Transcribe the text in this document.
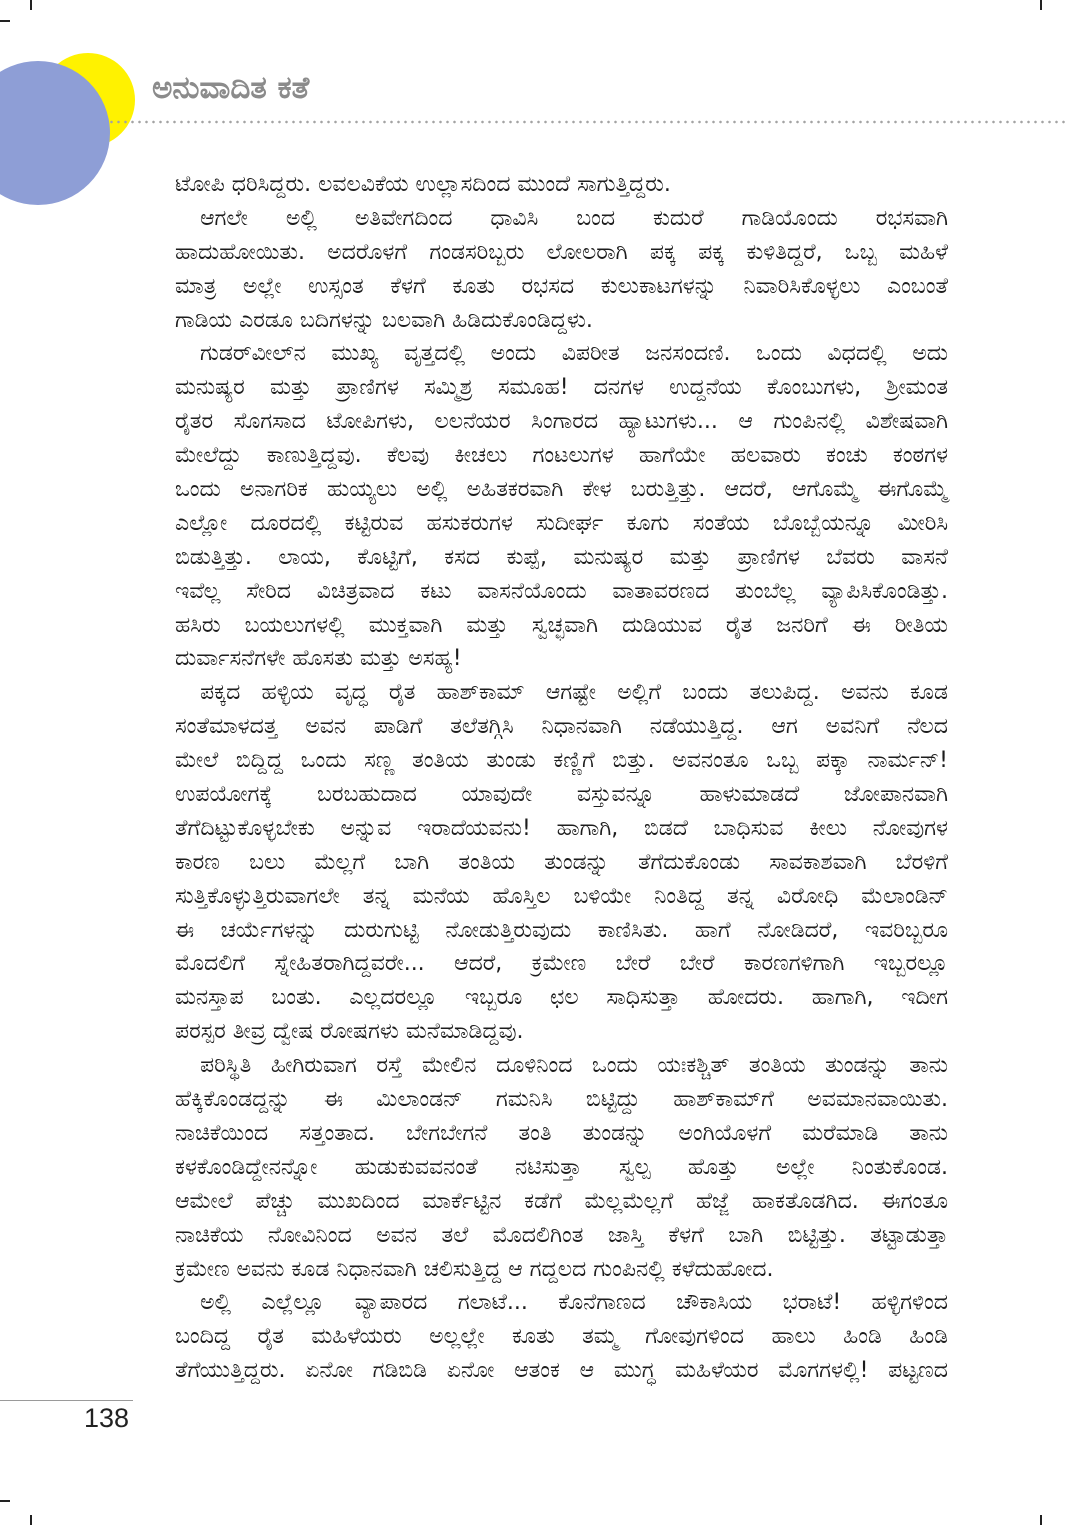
ಅನುವಾದಿತ ಕತೆ
ಟೋಪಿ ಧರಿಸಿದ್ದರು. ಲವಲವಿಕೆಯ ಉಲ್ಲಾಸದಿಂದ ಮುಂದೆ ಸಾಗುತ್ತಿದ್ದರು.
ಆಗಲೇ ಅಲ್ಲಿ ಅತಿವೇಗದಿಂದ ಧಾವಿಸಿ ಬಂದ ಕುದುರೆ ಗಾಡಿಯೊಂದು ರಭಸವಾಗಿ
ಹಾದುಹೋಯಿತು. ಅದರೊಳಗೆ ಗಂಡಸರಿಬ್ಬರು ಲೋಲರಾಗಿ ಪಕ್ಕ ಪಕ್ಕ ಕುಳಿತಿದ್ದರೆ, ಒಬ್ಬ ಮಹಿಳೆ
ಮಾತ್ರ ಅಲ್ಲೇ ಉಸ್ಸಂತ ಕೆಳಗೆ ಕೂತು ರಭಸದ ಕುಲುಕಾಟಗಳನ್ನು ನಿವಾರಿಸಿಕೊಳ್ಳಲು ಎಂಬಂತೆ
ಗಾಡಿಯ ಎರಡೂ ಬದಿಗಳನ್ನು ಬಲವಾಗಿ ಹಿಡಿದುಕೊಂಡಿದ್ದಳು.
ಗುಡರ್‌ವೀಲ್‌ನ ಮುಖ್ಯ ವೃತ್ತದಲ್ಲಿ ಅಂದು ವಿಪರೀತ ಜನಸಂದಣಿ. ಒಂದು ವಿಧದಲ್ಲಿ ಅದು
ಮನುಷ್ಯರ ಮತ್ತು ಪ್ರಾಣಿಗಳ ಸಮ್ಮಿಶ್ರ ಸಮೂಹ! ದನಗಳ ಉದ್ದನೆಯ ಕೊಂಬುಗಳು, ಶ್ರೀಮಂತ
ರೈತರ ಸೊಗಸಾದ ಟೋಪಿಗಳು, ಲಲನೆಯರ ಸಿಂಗಾರದ ಹ್ಯಾಟುಗಳು... ಆ ಗುಂಪಿನಲ್ಲಿ ವಿಶೇಷವಾಗಿ
ಮೇಲೆದ್ದು ಕಾಣುತ್ತಿದ್ದವು. ಕೆಲವು ಕೀಚಲು ಗಂಟಲುಗಳ ಹಾಗೆಯೇ ಹಲವಾರು ಕಂಚು ಕಂಠಗಳ
ಒಂದು ಅನಾಗರಿಕ ಹುಯ್ಯಲು ಅಲ್ಲಿ ಅಹಿತಕರವಾಗಿ ಕೇಳ ಬರುತ್ತಿತ್ತು. ಆದರೆ, ಆಗೊಮ್ಮೆ ಈಗೊಮ್ಮೆ
ಎಲ್ಲೋ ದೂರದಲ್ಲಿ ಕಟ್ಟಿರುವ ಹಸುಕರುಗಳ ಸುದೀರ್ಘ ಕೂಗು ಸಂತೆಯ ಬೊಬ್ಬೆಯನ್ನೂ ಮೀರಿಸಿ
ಬಿಡುತ್ತಿತ್ತು. ಲಾಯ, ಕೊಟ್ಟಿಗೆ, ಕಸದ ಕುಪ್ಪೆ, ಮನುಷ್ಯರ ಮತ್ತು ಪ್ರಾಣಿಗಳ ಬೆವರು ವಾಸನೆ
ಇವೆಲ್ಲ ಸೇರಿದ ವಿಚಿತ್ರವಾದ ಕಟು ವಾಸನೆಯೊಂದು ವಾತಾವರಣದ ತುಂಬೆಲ್ಲ ವ್ಯಾಪಿಸಿಕೊಂಡಿತ್ತು.
ಹಸಿರು ಬಯಲುಗಳಲ್ಲಿ ಮುಕ್ತವಾಗಿ ಮತ್ತು ಸ್ವಚ್ಛವಾಗಿ ದುಡಿಯುವ ರೈತ ಜನರಿಗೆ ಈ ರೀತಿಯ
ದುರ್ವಾಸನೆಗಳೇ ಹೊಸತು ಮತ್ತು ಅಸಹ್ಯ!
ಪಕ್ಕದ ಹಳ್ಳಿಯ ವೃದ್ಧ ರೈತ ಹಾಶ್‌ಕಾಮ್ ಆಗಷ್ಟೇ ಅಲ್ಲಿಗೆ ಬಂದು ತಲುಪಿದ್ದ. ಅವನು ಕೂಡ
ಸಂತೆಮಾಳದತ್ತ ಅವನ ಪಾಡಿಗೆ ತಲೆತಗ್ಗಿಸಿ ನಿಧಾನವಾಗಿ ನಡೆಯುತ್ತಿದ್ದ. ಆಗ ಅವನಿಗೆ ನೆಲದ
ಮೇಲೆ ಬಿದ್ದಿದ್ದ ಒಂದು ಸಣ್ಣ ತಂತಿಯ ತುಂಡು ಕಣ್ಣಿಗೆ ಬಿತ್ತು. ಅವನಂತೂ ಒಬ್ಬ ಪಕ್ಕಾ ನಾರ್ಮನ್!
ಉಪಯೋಗಕ್ಕೆ ಬರಬಹುದಾದ ಯಾವುದೇ ವಸ್ತುವನ್ನೂ ಹಾಳುಮಾಡದೆ ಜೋಪಾನವಾಗಿ
ತೆಗೆದಿಟ್ಟುಕೊಳ್ಳಬೇಕು ಅನ್ನುವ ಇರಾದೆಯವನು! ಹಾಗಾಗಿ, ಬಿಡದೆ ಬಾಧಿಸುವ ಕೀಲು ನೋವುಗಳ
ಕಾರಣ ಬಲು ಮೆಲ್ಲಗೆ ಬಾಗಿ ತಂತಿಯ ತುಂಡನ್ನು ತೆಗೆದುಕೊಂಡು ಸಾವಕಾಶವಾಗಿ ಬೆರಳಿಗೆ
ಸುತ್ತಿಕೊಳ್ಳುತ್ತಿರುವಾಗಲೇ ತನ್ನ ಮನೆಯ ಹೊಸ್ತಿಲ ಬಳಿಯೇ ನಿಂತಿದ್ದ ತನ್ನ ವಿರೋಧಿ ಮೆಲಾಂಡಿನ್
ಈ ಚರ್ಯೆಗಳನ್ನು ದುರುಗುಟ್ಟಿ ನೋಡುತ್ತಿರುವುದು ಕಾಣಿಸಿತು. ಹಾಗೆ ನೋಡಿದರೆ, ಇವರಿಬ್ಬರೂ
ಮೊದಲಿಗೆ ಸ್ನೇಹಿತರಾಗಿದ್ದವರೇ... ಆದರೆ, ಕ್ರಮೇಣ ಬೇರೆ ಬೇರೆ ಕಾರಣಗಳಿಗಾಗಿ ಇಬ್ಬರಲ್ಲೂ
ಮನಸ್ತಾಪ ಬಂತು. ಎಲ್ಲದರಲ್ಲೂ ಇಬ್ಬರೂ ಛಲ ಸಾಧಿಸುತ್ತಾ ಹೋದರು. ಹಾಗಾಗಿ, ಇದೀಗ
ಪರಸ್ಪರ ತೀವ್ರ ದ್ವೇಷ ರೋಷಗಳು ಮನೆಮಾಡಿದ್ದವು.
ಪರಿಸ್ಥಿತಿ ಹೀಗಿರುವಾಗ ರಸ್ತೆ ಮೇಲಿನ ದೂಳಿನಿಂದ ಒಂದು ಯಃಕಶ್ಚಿತ್ ತಂತಿಯ ತುಂಡನ್ನು ತಾನು
ಹೆಕ್ಕಿಕೊಂಡದ್ದನ್ನು ಈ ಮಿಲಾಂಡನ್ ಗಮನಿಸಿ ಬಿಟ್ಟಿದ್ದು ಹಾಶ್‌ಕಾಮ್‌ಗೆ ಅವಮಾನವಾಯಿತು.
ನಾಚಿಕೆಯಿಂದ ಸತ್ತಂತಾದ. ಬೇಗಬೇಗನೆ ತಂತಿ ತುಂಡನ್ನು ಅಂಗಿಯೊಳಗೆ ಮರೆಮಾಡಿ ತಾನು
ಕಳಕೊಂಡಿದ್ದೇನನ್ನೋ ಹುಡುಕುವವನಂತೆ ನಟಿಸುತ್ತಾ ಸ್ವಲ್ಪ ಹೊತ್ತು ಅಲ್ಲೇ ನಿಂತುಕೊಂಡ.
ಆಮೇಲೆ ಪೆಚ್ಚು ಮುಖದಿಂದ ಮಾರ್ಕೆಟ್ಟಿನ ಕಡೆಗೆ ಮೆಲ್ಲಮೆಲ್ಲಗೆ ಹೆಜ್ಜೆ ಹಾಕತೊಡಗಿದ. ಈಗಂತೂ
ನಾಚಿಕೆಯ ನೋವಿನಿಂದ ಅವನ ತಲೆ ಮೊದಲಿಗಿಂತ ಜಾಸ್ತಿ ಕೆಳಗೆ ಬಾಗಿ ಬಿಟ್ಟಿತ್ತು. ತಟ್ಟಾಡುತ್ತಾ
ಕ್ರಮೇಣ ಅವನು ಕೂಡ ನಿಧಾನವಾಗಿ ಚಲಿಸುತ್ತಿದ್ದ ಆ ಗದ್ದಲದ ಗುಂಪಿನಲ್ಲಿ ಕಳೆದುಹೋದ.
ಅಲ್ಲಿ ಎಲ್ಲೆಲ್ಲೂ ವ್ಯಾಪಾರದ ಗಲಾಟೆ... ಕೊನೆಗಾಣದ ಚೌಕಾಸಿಯ ಭರಾಟೆ! ಹಳ್ಳಿಗಳಿಂದ
ಬಂದಿದ್ದ ರೈತ ಮಹಿಳೆಯರು ಅಲ್ಲಲ್ಲೇ ಕೂತು ತಮ್ಮ ಗೋವುಗಳಿಂದ ಹಾಲು ಹಿಂಡಿ ಹಿಂಡಿ
ತೆಗೆಯುತ್ತಿದ್ದರು. ಏನೋ ಗಡಿಬಿಡಿ ಏನೋ ಆತಂಕ ಆ ಮುಗ್ಧ ಮಹಿಳೆಯರ ಮೊಗಗಳಲ್ಲಿ! ಪಟ್ಟಣದ
138
